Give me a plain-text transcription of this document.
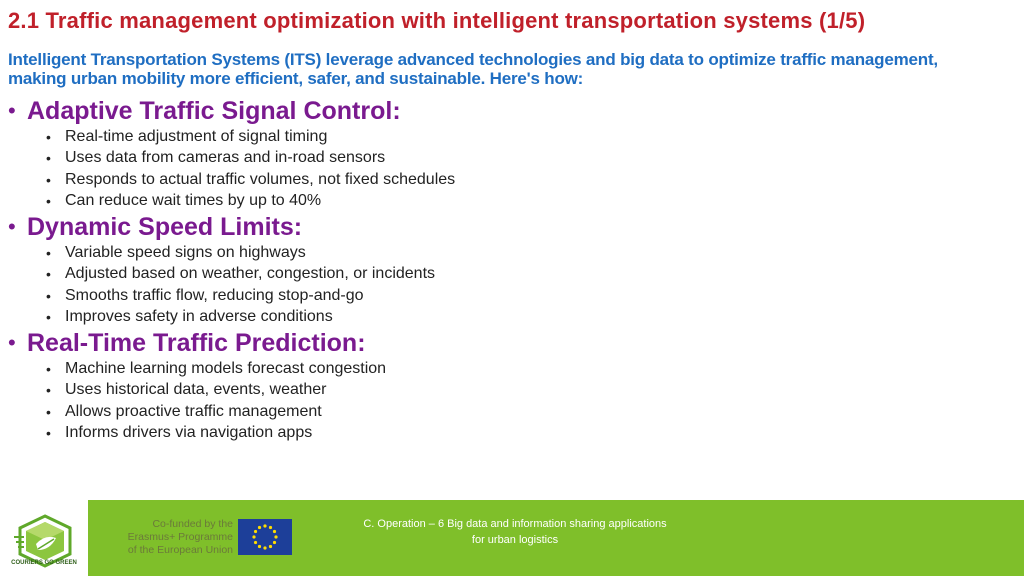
2.1 Traffic management optimization with intelligent transportation systems (1/5)
Intelligent Transportation Systems (ITS) leverage advanced technologies and big data to optimize traffic management, making urban mobility more efficient, safer, and sustainable. Here's how:
• Adaptive Traffic Signal Control:
• Real-time adjustment of signal timing
• Uses data from cameras and in-road sensors
• Responds to actual traffic volumes, not fixed schedules
• Can reduce wait times by up to 40%
• Dynamic Speed Limits:
• Variable speed signs on highways
• Adjusted based on weather, congestion, or incidents
• Smooths traffic flow, reducing stop-and-go
• Improves safety in adverse conditions
• Real-Time Traffic Prediction:
• Machine learning models forecast congestion
• Uses historical data, events, weather
• Allows proactive traffic management
• Informs drivers via navigation apps
COURIERS GO GREEN
Co-funded by the
Erasmus+ Programme
of the European Union
C. Operation – 6 Big data and information sharing applications
for urban logistics
